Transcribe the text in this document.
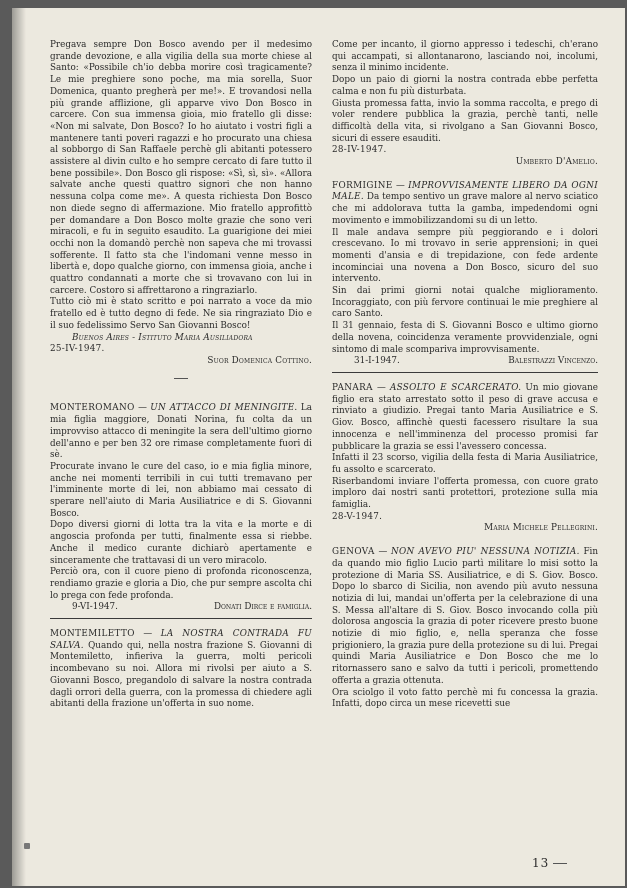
Pregava sempre Don Bosco avendo per il medesimo grande devozione, e alla vigilia della sua morte chiese al Santo: «Possibile ch'io debba morire così tragicamente? Le mie preghiere sono poche, ma mia sorella, Suor Domenica, quanto pregherà per me!». E trovandosi nella più grande afflizione, gli apparve vivo Don Bosco in carcere. Con sua immensa gioia, mio fratello gli disse: «Non mi salvate, Don Bosco? Io ho aiutato i vostri figli a mantenere tanti poveri ragazzi e ho procurato una chiesa al sobborgo di San Raffaele perchè gli abitanti potessero assistere al divin culto e ho sempre cercato di fare tutto il bene possibile». Don Bosco gli rispose: «Sì, sì, sì». «Allora salvate anche questi quattro signori che non hanno nessuna colpa come me». A questa richiesta Don Bosco non diede segno di affermazione. Mio fratello approfittò per domandare a Don Bosco molte grazie che sono veri miracoli, e fu in seguito esaudito. La guarigione dei miei occhi non la domandò perchè non sapeva che mi trovassi sofferente. Il fatto sta che l'indomani venne messo in libertà e, dopo qualche giorno, con immensa gioia, anche i quattro condannati a morte che si trovavano con lui in carcere. Costoro si affrettarono a ringraziarlo.

Tutto ciò mi è stato scritto e poi narrato a voce da mio fratello ed è tutto degno di fede. Ne sia ringraziato Dio e il suo fedelissimo Servo San Giovanni Bosco!

Buenos Aires - Istituto Maria Ausiliadora

25-IV-1947.

Suor Domenica Cottino.

MONTEROMANO — UN ATTACCO DI MENINGITE. La mia figlia maggiore, Donati Norina, fu colta da un improvviso attacco di meningite la sera dell'ultimo giorno dell'anno e per ben 32 ore rimase completamente fuori di sè.

Procurate invano le cure del caso, io e mia figlia minore, anche nei momenti terribili in cui tutti tremavano per l'imminente morte di lei, non abbiamo mai cessato di sperare nell'aiuto di Maria Ausiliatrice e di S. Giovanni Bosco.

Dopo diversi giorni di lotta tra la vita e la morte e di angoscia profonda per tutti, finalmente essa si riebbe. Anche il medico curante dichiarò apertamente e sinceramente che trattavasi di un vero miracolo.

Perciò ora, con il cuore pieno di profonda riconoscenza, rendiamo grazie e gloria a Dio, che pur sempre ascolta chi lo prega con fede profonda.

9-VI-1947.	Donati Dirce e famiglia.

MONTEMILETTO — LA NOSTRA CONTRADA FU SALVA. Quando qui, nella nostra frazione S. Giovanni di Montemiletto, infieriva la guerra, molti pericoli incombevano su noi. Allora mi rivolsi per aiuto a S. Giovanni Bosco, pregandolo di salvare la nostra contrada dagli orrori della guerra, con la promessa di chiedere agli abitanti della frazione un'offerta in suo nome.

Come per incanto, il giorno appresso i tedeschi, ch'erano qui accampati, si allontanarono, lasciando noi, incolumi, senza il minimo incidente.

Dopo un paio di giorni la nostra contrada ebbe perfetta calma e non fu più disturbata.

Giusta promessa fatta, invio la somma raccolta, e prego di voler rendere pubblica la grazia, perchè tanti, nelle difficoltà della vita, si rivolgano a San Giovanni Bosco, sicuri di essere esauditi.

28-IV-1947.

Umberto D'Amelio.

FORMIGINE — IMPROVVISAMENTE LIBERO DA OGNI MALE. Da tempo sentivo un grave malore al nervo sciatico che mi addolorava tutta la gamba, impedendomi ogni movimento e immobilizzandomi su di un letto.

Il male andava sempre più peggiorando e i dolori crescevano. Io mi trovavo in serie apprensioni; in quei momenti d'ansia e di trepidazione, con fede ardente incominciai una novena a Don Bosco, sicuro del suo intervento.

Sin dai primi giorni notai qualche miglioramento. Incoraggiato, con più fervore continuai le mie preghiere al caro Santo.

Il 31 gennaio, festa di S. Giovanni Bosco e ultimo giorno della novena, coincidenza veramente provvidenziale, ogni sintomo di male scompariva improvvisamente.

31-I-1947.	Balestrazzi Vincenzo.

PANARA — ASSOLTO E SCARCERATO. Un mio giovane figlio era stato arrestato sotto il peso di grave accusa e rinviato a giudizio. Pregai tanto Maria Ausiliatrice e S. Giov. Bosco, affinchè questi facessero risultare la sua innocenza e nell'imminenza del processo promisi far pubblicare la grazia se essi l'avessero concessa.

Infatti il 23 scorso, vigilia della festa di Maria Ausiliatrice, fu assolto e scarcerato.

Riserbandomi inviare l'offerta promessa, con cuore grato imploro dai nostri santi protettori, protezione sulla mia famiglia.

28-V-1947.

Maria Michele Pellegrini.

GENOVA — NON AVEVO PIU' NESSUNA NOTIZIA. Fin da quando mio figlio Lucio partì militare lo misi sotto la protezione di Maria SS. Ausiliatrice, e di S. Giov. Bosco. Dopo lo sbarco di Sicilia, non avendo più avuto nessuna notizia di lui, mandai un'offerta per la celebrazione di una S. Messa all'altare di S. Giov. Bosco invocando colla più dolorosa angoscia la grazia di poter ricevere presto buone notizie di mio figlio, e, nella speranza che fosse prigioniero, la grazia pure della protezione su di lui. Pregai quindi Maria Ausiliatrice e Don Bosco che me lo ritornassero sano e salvo da tutti i pericoli, promettendo offerta a grazia ottenuta.

Ora sciolgo il voto fatto perchè mi fu concessa la grazia. Infatti, dopo circa un mese ricevetti sue

13
